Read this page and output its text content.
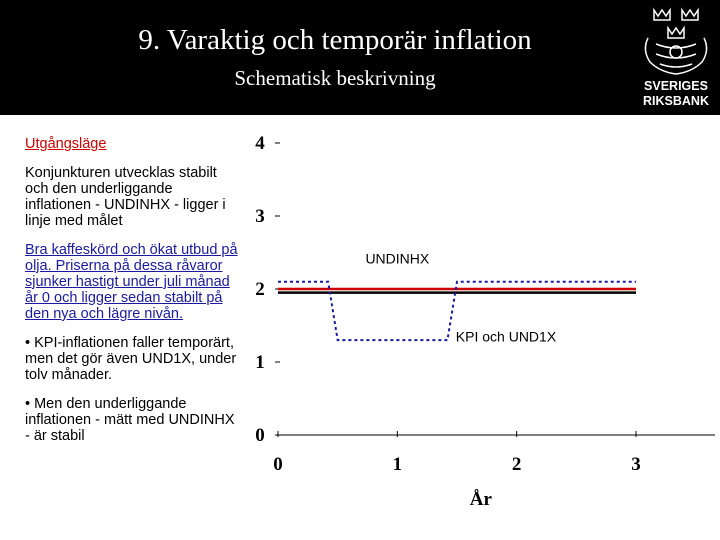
9. Varaktig och temporär inflation
Schematisk beskrivning	SVERIGES
RIKSBANK

Utgångsläge

Konjunkturen utvecklas stabilt och den underliggande inflationen - UNDINHX - ligger i linje med målet

Bra kaffeskörd och ökat utbud på olja. Priserna på dessa råvaror sjunker hastigt under juli månad år 0 och ligger sedan stabilt på den nya och lägre nivån.

• KPI-inflationen faller temporärt, men det gör även UND1X, under tolv månader.

• Men den underliggande inflationen - mätt med UNDINHX - är stabil	0
1
2
3
4
0	1	2	3
År
UNDINHX
KPI och UND1X
